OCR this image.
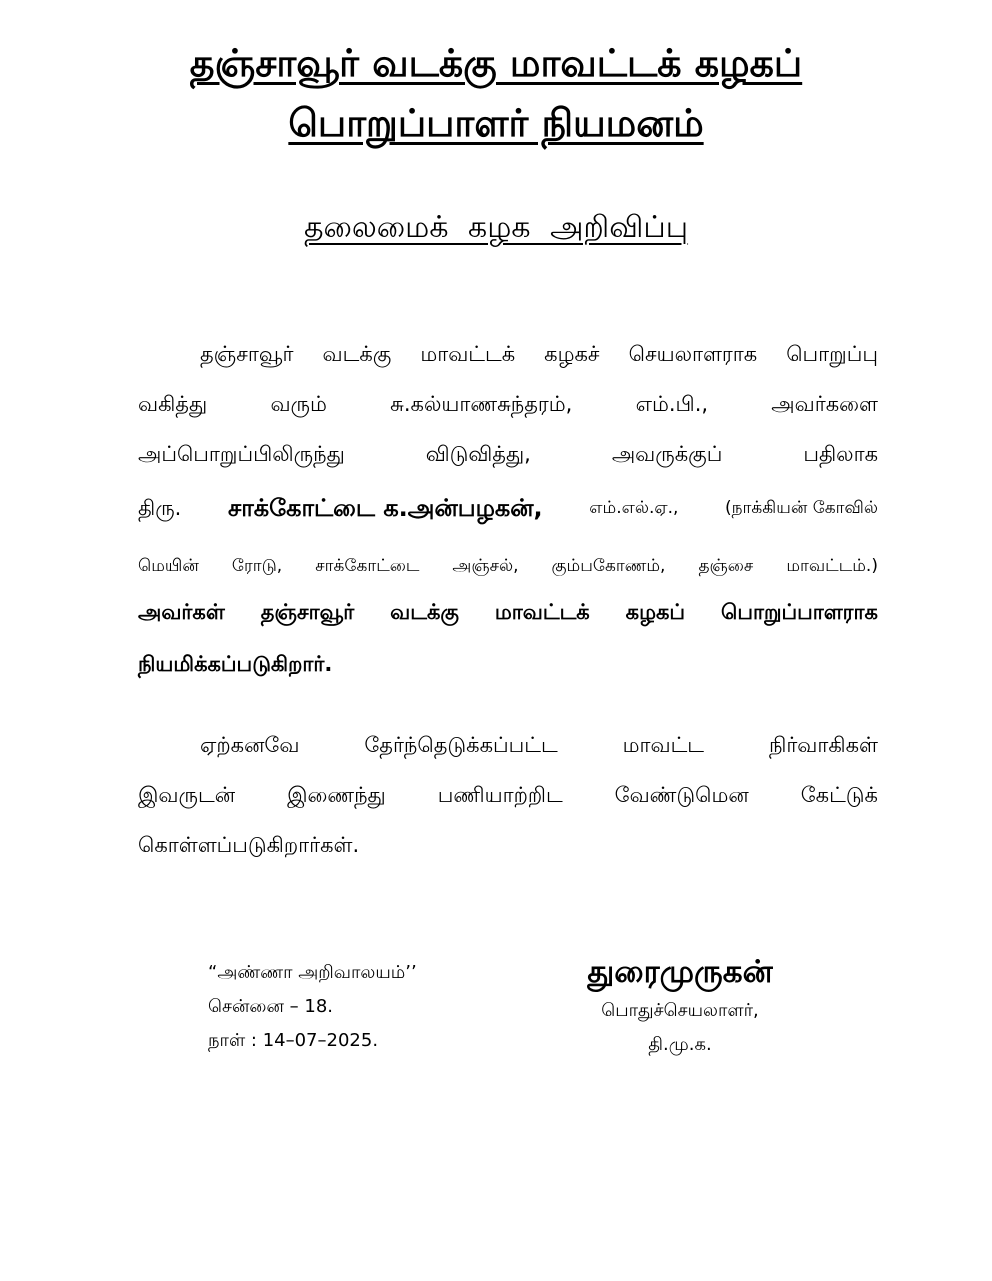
தஞ்சாவூர் வடக்கு மாவட்டக் கழகப்
பொறுப்பாளர் நியமனம்
தலைமைக் கழக அறிவிப்பு
தஞ்சாவூர் வடக்கு மாவட்டக் கழகச் செயலாளராக பொறுப்பு
வகித்து	வரும்	சு.கல்யாணசுந்தரம்,	எம்.பி.,	அவர்களை
அப்பொறுப்பிலிருந்து	விடுவித்து,	அவருக்குப்	பதிலாக
திரு. சாக்கோட்டை க.அன்பழகன்,	எம்.எல்.ஏ.,	(நாக்கியன் கோவில்
மெயின் ரோடு, சாக்கோட்டை அஞ்சல், கும்பகோணம், தஞ்சை மாவட்டம்.)
அவர்கள் தஞ்சாவூர் வடக்கு மாவட்டக் கழகப் பொறுப்பாளராக
நியமிக்கப்படுகிறார்.
ஏற்கனவே	தேர்ந்தெடுக்கப்பட்ட	மாவட்ட	நிர்வாகிகள்
இவருடன் இணைந்து பணியாற்றிட வேண்டுமென கேட்டுக்
கொள்ளப்படுகிறார்கள்.
“அண்ணா அறிவாலயம்’’
சென்னை – 18.
நாள் : 14–07–2025.
துரைமுருகன்
பொதுச்செயலாளர்,
தி.மு.க.
